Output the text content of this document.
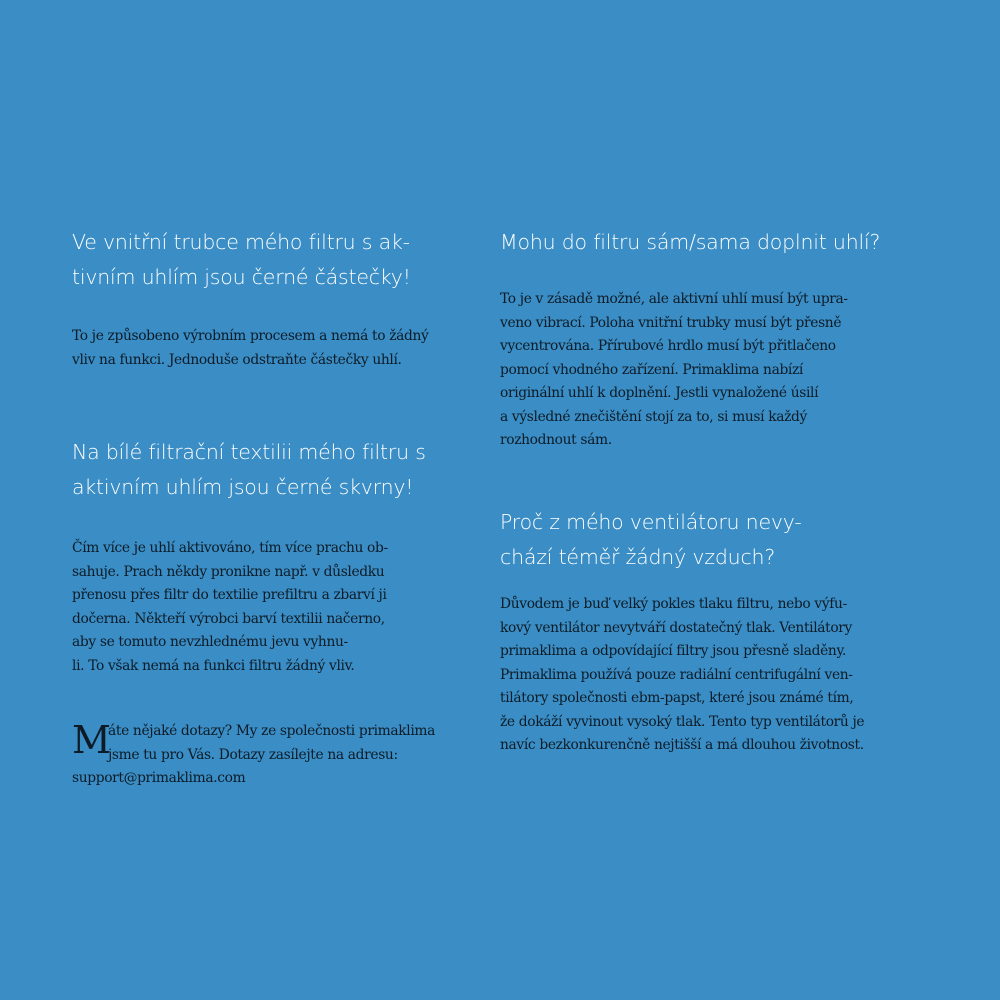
Ve vnitřní trubce mého filtru s ak-
tivním uhlím jsou černé částečky!

To je způsobeno výrobním procesem a nemá to žádný
vliv na funkci. Jednoduše odstraňte částečky uhlí.

Na bílé filtrační textilii mého filtru s
aktivním uhlím jsou černé skvrny!

Čím více je uhlí aktivováno, tím více prachu ob-
sahuje. Prach někdy pronikne např. v důsledku
přenosu přes filtr do textilie prefiltru a zbarví ji
dočerna. Někteří výrobci barví textilii načerno,
aby se tomuto nevzhlednému jevu vyhnu-
li. To však nemá na funkci filtru žádný vliv.

M
áte nějaké dotazy? My ze společnosti primaklima
jsme tu pro Vás. Dotazy zasílejte na adresu:
support@primaklima.com
Mohu do filtru sám/sama doplnit uhlí?

To je v zásadě možné, ale aktivní uhlí musí být upra-
veno vibrací. Poloha vnitřní trubky musí být přesně
vycentrována. Přírubové hrdlo musí být přitlačeno
pomocí vhodného zařízení. Primaklima nabízí
originální uhlí k doplnění. Jestli vynaložené úsilí
a výsledné znečištění stojí za to, si musí každý
rozhodnout sám.

Proč z mého ventilátoru nevy-
chází téměř žádný vzduch?

Důvodem je buď velký pokles tlaku filtru, nebo výfu-
kový ventilátor nevytváří dostatečný tlak. Ventilátory
primaklima a odpovídající filtry jsou přesně sladěny.
Primaklima používá pouze radiální centrifugální ven-
tilátory společnosti ebm-papst, které jsou známé tím,
že dokáží vyvinout vysoký tlak. Tento typ ventilátorů je
navíc bezkonkurenčně nejtišší a má dlouhou životnost.
